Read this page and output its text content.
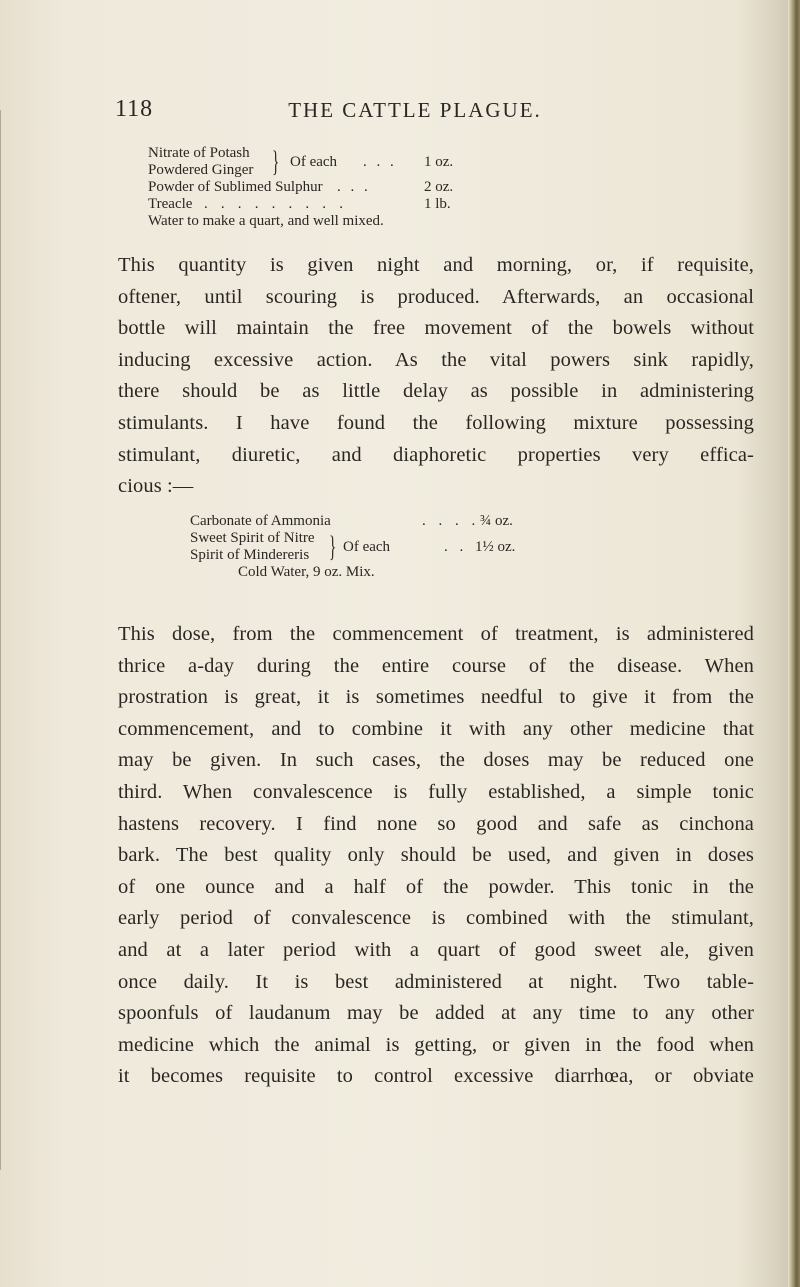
118	THE CATTLE PLAGUE.
Nitrate of Potash
Powdered Ginger } Of each . . . 1 oz.
Powder of Sublimed Sulphur . . .	2 oz.
Treacle . . . . . . . . .	1 lb.
Water to make a quart, and well mixed.
This quantity is given night and morning, or, if requisite,
oftener, until scouring is produced. Afterwards, an occasional
bottle will maintain the free movement of the bowels without
inducing excessive action. As the vital powers sink rapidly,
there should be as little delay as possible in administering
stimulants. I have found the following mixture possessing
stimulant, diuretic, and diaphoretic properties very effica-
cious :—
Carbonate of Ammonia	. . . . ¾ oz.
Sweet Spirit of Nitre
Spirit of Mindereris } Of each	. . 1½ oz.
Cold Water, 9 oz. Mix.
This dose, from the commencement of treatment, is administered
thrice a-day during the entire course of the disease. When
prostration is great, it is sometimes needful to give it from the
commencement, and to combine it with any other medicine that
may be given. In such cases, the doses may be reduced one
third. When convalescence is fully established, a simple tonic
hastens recovery. I find none so good and safe as cinchona
bark. The best quality only should be used, and given in doses
of one ounce and a half of the powder. This tonic in the
early period of convalescence is combined with the stimulant,
and at a later period with a quart of good sweet ale, given
once daily. It is best administered at night. Two table-
spoonfuls of laudanum may be added at any time to any other
medicine which the animal is getting, or given in the food when
it becomes requisite to control excessive diarrhœa, or obviate
